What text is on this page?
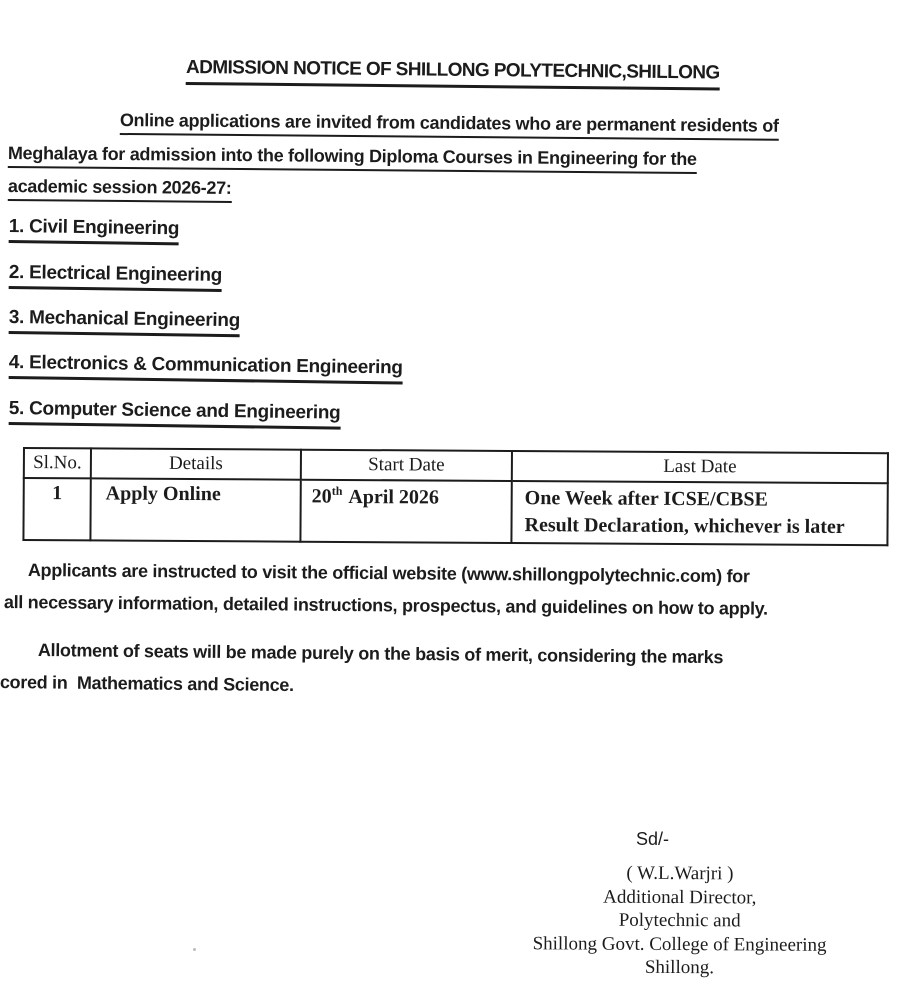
ADMISSION NOTICE OF SHILLONG POLYTECHNIC,SHILLONG
Online applications are invited from candidates who are permanent residents of
Meghalaya for admission into the following Diploma Courses in Engineering for the
academic session 2026-27:
1. Civil Engineering
2. Electrical Engineering
3. Mechanical Engineering
4. Electronics & Communication Engineering
5. Computer Science and Engineering
Sl.No.	Details	Start Date	Last Date
1	Apply Online	20th April 2026	One Week after ICSE/CBSE
Result Declaration, whichever is later
Applicants are instructed to visit the official website (www.shillongpolytechnic.com) for
all necessary information, detailed instructions, prospectus, and guidelines on how to apply.
Allotment of seats will be made purely on the basis of merit, considering the marks
cored in  Mathematics and Science.
Sd/-
( W.L.Warjri )
Additional Director,
Polytechnic and
Shillong Govt. College of Engineering
Shillong.
